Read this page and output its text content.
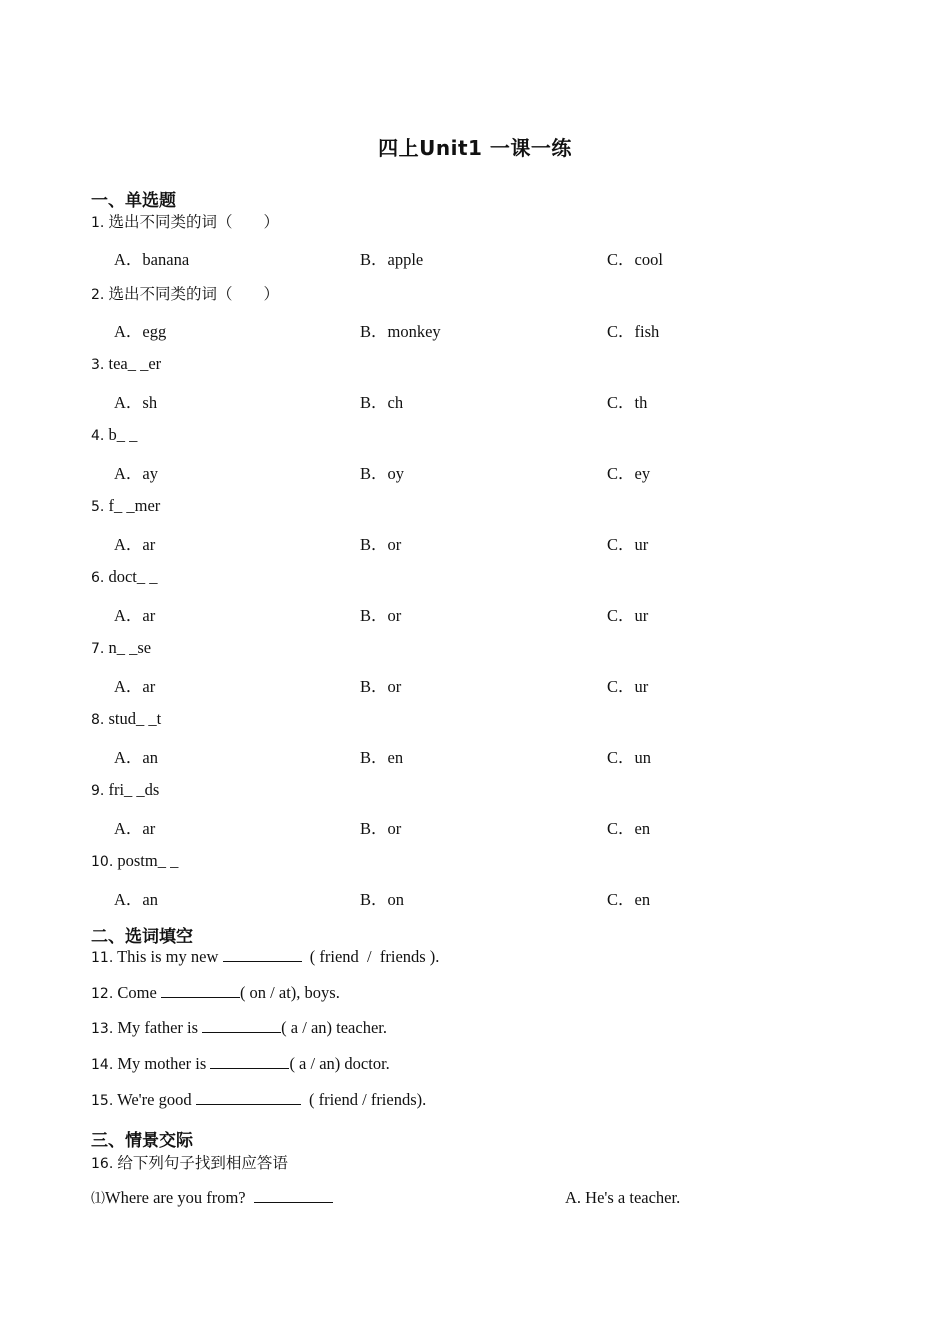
四上Unit1 一课一练
一、单选题
1. 选出不同类的词（　　）
A．banana	B．apple	C．cool
2. 选出不同类的词（　　）
A．egg	B．monkey	C．fish
3. tea_ _er
A．sh	B．ch	C．th
4. b_ _
A．ay	B．oy	C．ey
5. f_ _mer
A．ar	B．or	C．ur
6. doct_ _
A．ar	B．or	C．ur
7. n_ _se
A．ar	B．or	C．ur
8. stud_ _t
A．an	B．en	C．un
9. fri_ _ds
A．ar	B．or	C．en
10. postm_ _
A．an	B．on	C．en
二、选词填空
11. This is my new	( friend  /  friends ).
12. Come	( on / at), boys.
13. My father is	( a / an) teacher.
14. My mother is	( a / an) doctor.
15. We're good	( friend / friends).
三、情景交际
16. 给下列句子找到相应答语
⑴Where are you from?	A. He's a teacher.
